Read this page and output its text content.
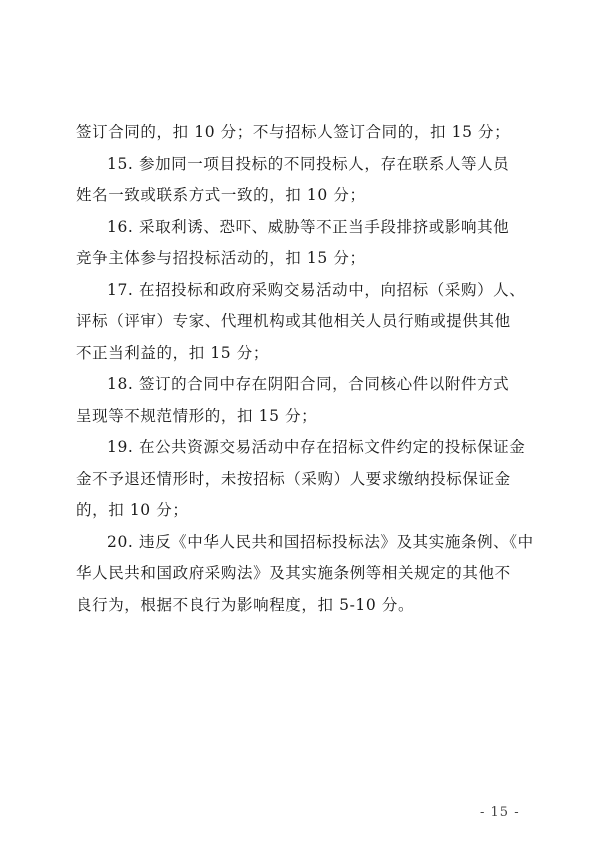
签订合同的，扣 10 分；不与招标人签订合同的，扣 15 分；
15. 参加同一项目投标的不同投标人，存在联系人等人员
姓名一致或联系方式一致的，扣 10 分；
16. 采取利诱、恐吓、威胁等不正当手段排挤或影响其他
竞争主体参与招投标活动的，扣 15 分；
17. 在招投标和政府采购交易活动中，向招标（采购）人、
评标（评审）专家、代理机构或其他相关人员行贿或提供其他
不正当利益的，扣 15 分；
18. 签订的合同中存在阴阳合同，合同核心件以附件方式
呈现等不规范情形的，扣 15 分；
19. 在公共资源交易活动中存在招标文件约定的投标保证金
金不予退还情形时，未按招标（采购）人要求缴纳投标保证金
的，扣 10 分；
20. 违反《中华人民共和国招标投标法》及其实施条例、《中
华人民共和国政府采购法》及其实施条例等相关规定的其他不
良行为，根据不良行为影响程度，扣 5-10 分。
- 15 -
